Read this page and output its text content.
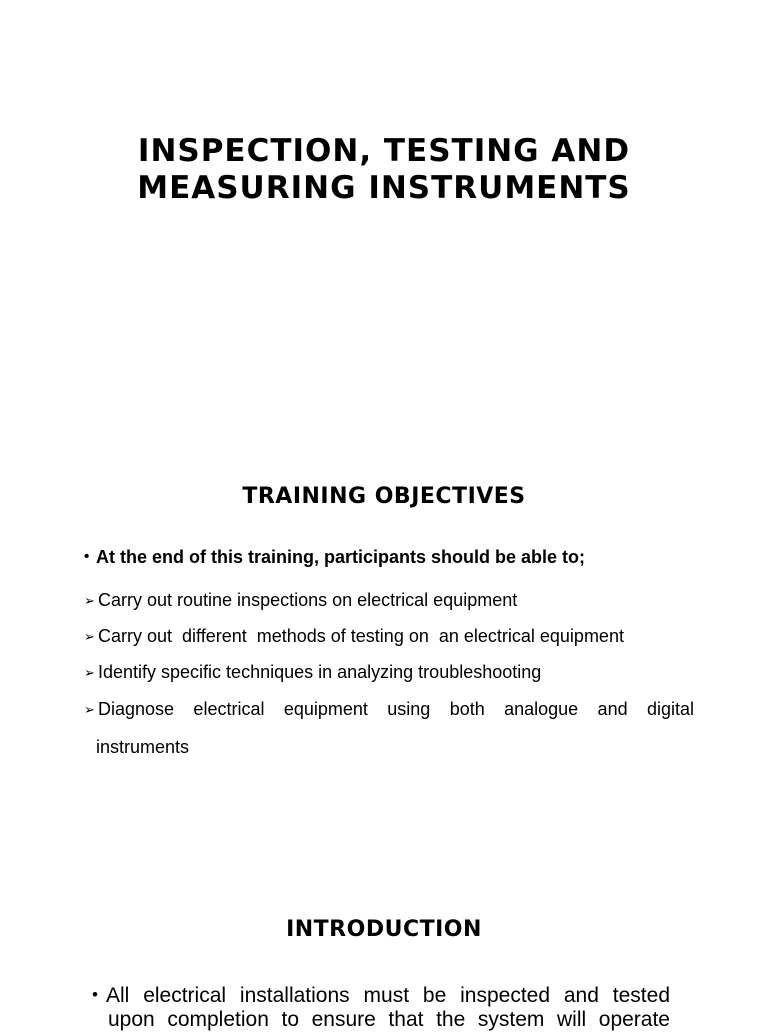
INSPECTION, TESTING AND
MEASURING INSTRUMENTS
TRAINING OBJECTIVES

• At the end of this training, participants should be able to;

➢ Carry out routine inspections on electrical equipment

➢ Carry out  different  methods of testing on  an electrical equipment

➢ Identify specific techniques in analyzing troubleshooting

➢ Diagnose electrical equipment using both analogue and digital
instruments

INTRODUCTION

• All electrical installations must be inspected and tested
upon completion to ensure that the system will operate
